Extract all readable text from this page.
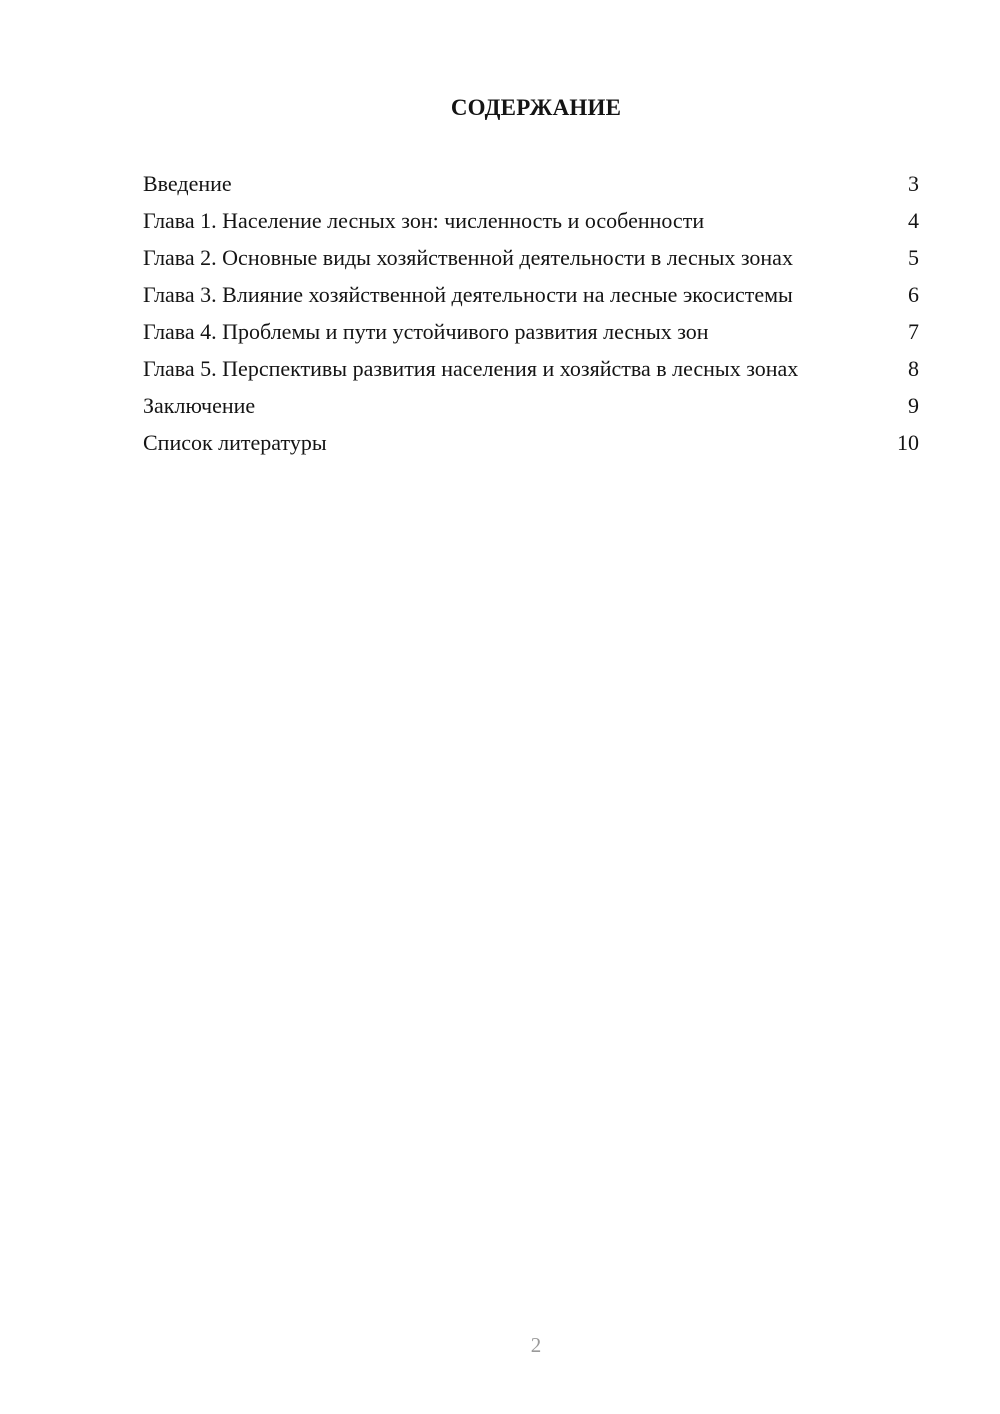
СОДЕРЖАНИЕ
Введение	3
Глава 1. Население лесных зон: численность и особенности	4
Глава 2. Основные виды хозяйственной деятельности в лесных зонах	5
Глава 3. Влияние хозяйственной деятельности на лесные экосистемы	6
Глава 4. Проблемы и пути устойчивого развития лесных зон	7
Глава 5. Перспективы развития населения и хозяйства в лесных зонах	8
Заключение	9
Список литературы	10
2
